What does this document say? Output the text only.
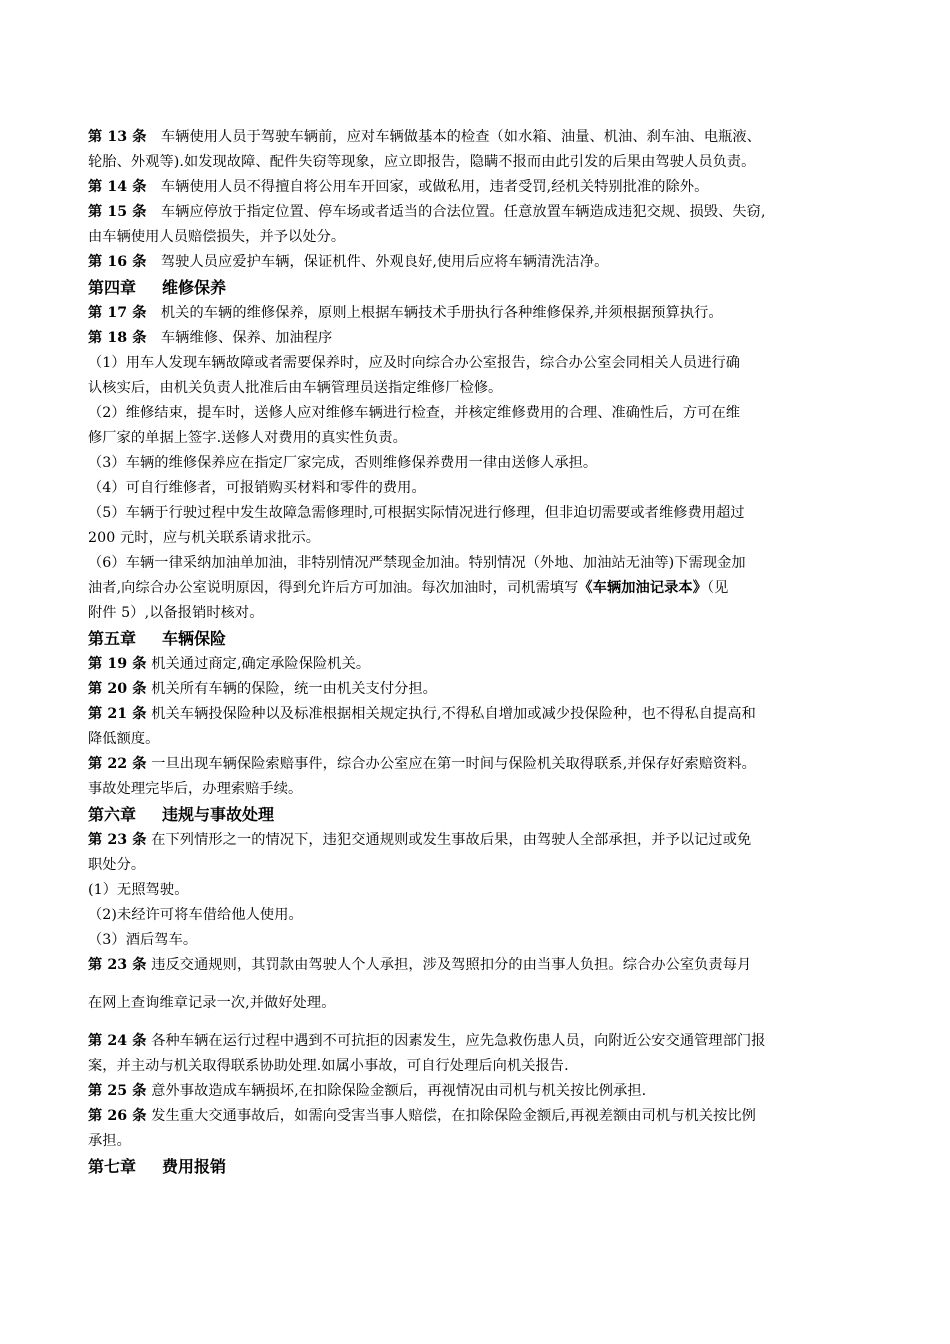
第 13 条　车辆使用人员于驾驶车辆前，应对车辆做基本的检查（如水箱、油量、机油、刹车油、电瓶液、
轮胎、外观等).如发现故障、配件失窃等现象，应立即报告，隐瞒不报而由此引发的后果由驾驶人员负责。
第 14 条　车辆使用人员不得擅自将公用车开回家，或做私用，违者受罚,经机关特别批准的除外。
第 15 条　车辆应停放于指定位置、停车场或者适当的合法位置。任意放置车辆造成违犯交规、损毁、失窃,
由车辆使用人员赔偿损失，并予以处分。
第 16 条　驾驶人员应爱护车辆，保证机件、外观良好,使用后应将车辆清洗洁净。
第四章 维修保养
第 17 条　机关的车辆的维修保养，原则上根据车辆技术手册执行各种维修保养,并须根据预算执行。
第 18 条　车辆维修、保养、加油程序
（1）用车人发现车辆故障或者需要保养时，应及时向综合办公室报告，综合办公室会同相关人员进行确
认核实后，由机关负责人批准后由车辆管理员送指定维修厂检修。
（2）维修结束，提车时，送修人应对维修车辆进行检查，并核定维修费用的合理、准确性后，方可在维
修厂家的单据上签字.送修人对费用的真实性负责。
（3）车辆的维修保养应在指定厂家完成，否则维修保养费用一律由送修人承担。
（4）可自行维修者，可报销购买材料和零件的费用。
（5）车辆于行驶过程中发生故障急需修理时,可根据实际情况进行修理，但非迫切需要或者维修费用超过
200 元时，应与机关联系请求批示。
（6）车辆一律采纳加油单加油，非特别情况严禁现金加油。特别情况（外地、加油站无油等)下需现金加
油者,向综合办公室说明原因，得到允许后方可加油。每次加油时，司机需填写《车辆加油记录本》（见
附件 5）,以备报销时核对。
第五章 车辆保险
第 19 条 机关通过商定,确定承险保险机关。
第 20 条 机关所有车辆的保险，统一由机关支付分担。
第 21 条 机关车辆投保险种以及标准根据相关规定执行,不得私自增加或减少投保险种，也不得私自提高和
降低额度。
第 22 条 一旦出现车辆保险索赔事件，综合办公室应在第一时间与保险机关取得联系,并保存好索赔资料。
事故处理完毕后，办理索赔手续。
第六章 违规与事故处理
第 23 条 在下列情形之一的情况下，违犯交通规则或发生事故后果，由驾驶人全部承担，并予以记过或免
职处分。
(1）无照驾驶。
（2)未经许可将车借给他人使用。
（3）酒后驾车。
第 23 条 违反交通规则，其罚款由驾驶人个人承担，涉及驾照扣分的由当事人负担。综合办公室负责每月
在网上查询维章记录一次,并做好处理。
第 24 条 各种车辆在运行过程中遇到不可抗拒的因素发生，应先急救伤患人员，向附近公安交通管理部门报
案，并主动与机关取得联系协助处理.如属小事故，可自行处理后向机关报告.
第 25 条 意外事故造成车辆损坏,在扣除保险金额后，再视情况由司机与机关按比例承担.
第 26 条 发生重大交通事故后，如需向受害当事人赔偿，在扣除保险金额后,再视差额由司机与机关按比例
承担。
第七章 费用报销
